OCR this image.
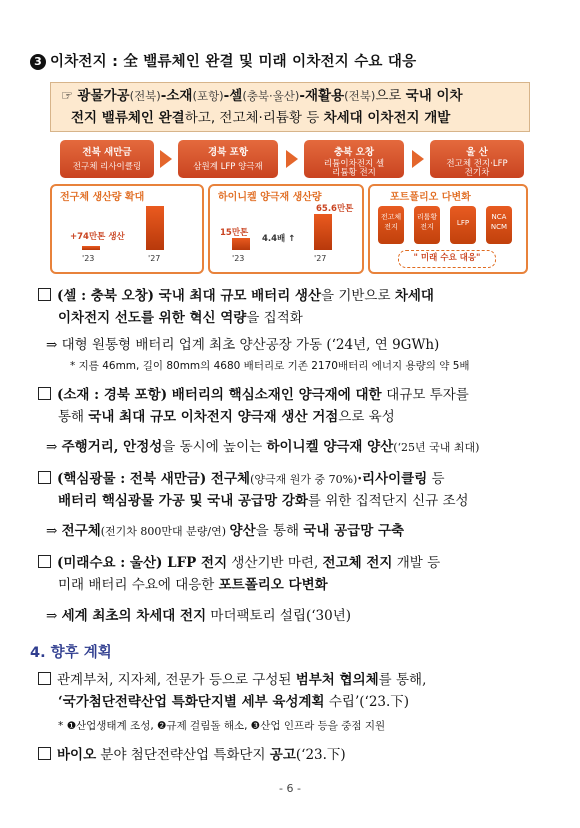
3 이차전지 : 全 밸류체인 완결 및 미래 이차전지 수요 대응
☞ 광물가공(전북)-소재(포항)-셀(충북·울산)-재활용(전북)으로 국내 이차
전지 밸류체인 완결하고, 전고체·리튬황 등 차세대 이차전지 개발
전북 새만금
전구체 리사이클링
경북 포항
삼원계 LFP 양극재
충북 오창
리튬이차전지 셀
리튬황 전지
울 산
전고체 전지·LFP
전기차
전구체 생산량 확대
+74만톤 생산
'23	'27
하이니켈 양극재 생산량
65.6만톤
15만톤
4.4배 ↑
'23	'27
포트폴리오 다변화
전고체
전지
리튬황
전지	LFP
NCA
NCM
" 미래 수요 대응"
(셀 : 충북 오창) 국내 최대 규모 배터리 생산을 기반으로 차세대
이차전지 선도를 위한 혁신 역량을 집적화
⇒ 대형 원통형 배터리 업계 최초 양산공장 가동 (‘24년, 연 9GWh)
* 지름 46mm, 길이 80mm의 4680 배터리로 기존 2170배터리 에너지 용량의 약 5배
(소재 : 경북 포항) 배터리의 핵심소재인 양극재에 대한 대규모 투자를
통해 국내 최대 규모 이차전지 양극재 생산 거점으로 육성
⇒ 주행거리, 안정성을 동시에 높이는 하이니켈 양극재 양산(‘25년 국내 최대)
(핵심광물 : 전북 새만금) 전구체(양극재 원가 중 70%)·리사이클링 등
배터리 핵심광물 가공 및 국내 공급망 강화를 위한 집적단지 신규 조성
⇒ 전구체(전기차 800만대 분량/연) 양산을 통해 국내 공급망 구축
(미래수요 : 울산) LFP 전지 생산기반 마련, 전고체 전지 개발 등
미래 배터리 수요에 대응한 포트폴리오 다변화
⇒ 세계 최초의 차세대 전지 마더팩토리 설립(‘30년)
4. 향후 계획
관계부처, 지자체, 전문가 등으로 구성된 범부처 협의체를 통해,
‘국가첨단전략산업 특화단지별 세부 육성계획 수립’(‘23.下)
* ❶산업생태계 조성, ❷규제 걸림돌 해소, ❸산업 인프라 등을 중점 지원
바이오 분야 첨단전략산업 특화단지 공고(‘23.下)
- 6 -
